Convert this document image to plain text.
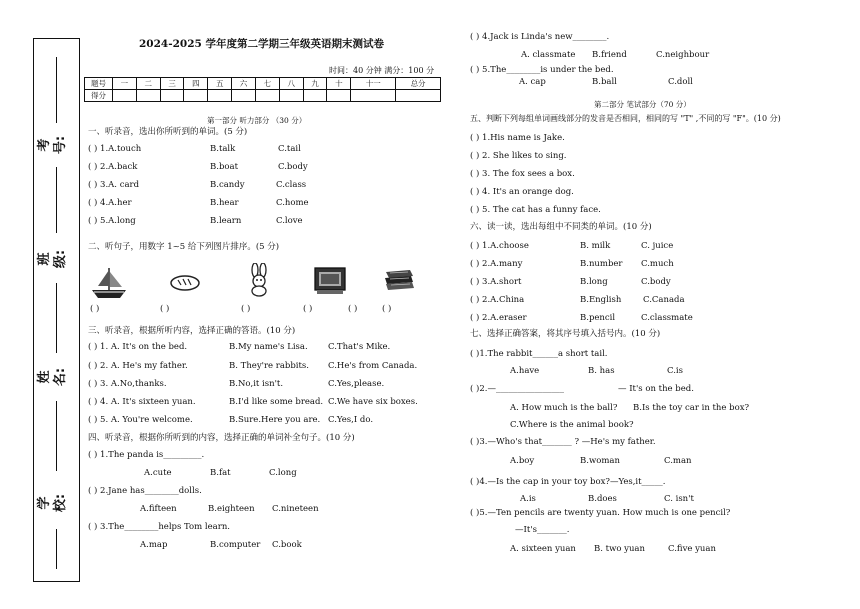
考号:
班级:
姓名:
学校:
2024-2025 学年度第二学期三年级英语期末测试卷
时间：40 分钟 满分：100 分
题号	一	二	三	四	五	六	七	八	九	十	十一	总分
得分												
第一部分 听力部分 （30 分）
一、听录音，选出你所听到的单词。(5 分)
( ) 1.A.touch	B.talk	C.tail
( ) 2.A.back	B.boat	C.body
( ) 3.A. card	B.candy	C.class
( ) 4.A.her	B.hear	C.home
( ) 5.A.long	B.learn	C.love
二、听句子，用数字 1~5 给下列图片排序。(5 分)
( )	( )	( )	( )	( )	( )
三、听录音，根据所听内容，选择正确的答语。(10 分)
( ) 1. A. It's on the bed.	B.My name's Lisa. C.That's Mike.
( ) 2. A. He's my father.	B. They're rabbits. C.He's from Canada.
( ) 3. A.No,thanks.	B.No,it isn't.	C.Yes,please.
( ) 4. A. It's sixteen yuan.	B.I'd like some bread. C.We have six boxes.
( ) 5. A. You're welcome.	B.Sure.Here you are. C.Yes,I do.
四、听录音，根据你所听到的内容，选择正确的单词补全句子。(10 分)
( ) 1.The panda is_________.
A.cute	B.fat	C.long
( ) 2.Jane has________dolls.
A.fifteen	B.eighteen C.nineteen
( ) 3.The________helps Tom learn.
A.map	B.computer C.book
( ) 4.Jack is Linda's new________.
A. classmate B.friend	C.neighbour
( ) 5.The________is under the bed.
A. cap	B.ball	C.doll
第二部分 笔试部分（70 分）
五、判断下列每组单词画线部分的发音是否相同，相同的写 "T" ,不同的写 "F"。(10 分)
( ) 1.His name is Jake.
( ) 2. She likes to sing.
( ) 3. The fox sees a box.
( ) 4. It's an orange dog.
( ) 5. The cat has a funny face.
六、读一读，选出每组中不同类的单词。(10 分)
( ) 1.A.choose	B. milk	C. juice
( ) 2.A.many	B.number C.much
( ) 3.A.short	B.long	C.body
( ) 2.A.China	B.English	C.Canada
( ) 2.A.eraser	B.pencil	C.classmate
七、选择正确答案，将其序号填入括号内。(10 分)
( )1.The rabbit______a short tail.
A.have	B. has	C.is
( )2.—________________	— It's on the bed.
A. How much is the ball? B.Is the toy car in the box?
C.Where is the animal book?
( )3.—Who's that_______ ? —He's my father.
A.boy	B.woman	C.man
( )4.—Is the cap in your toy box?—Yes,it_____.
A.is	B.does	C. isn't
( )5.—Ten pencils are twenty yuan. How much is one pencil?
—It's_______.
A. sixteen yuan B. two yuan	C.five yuan
